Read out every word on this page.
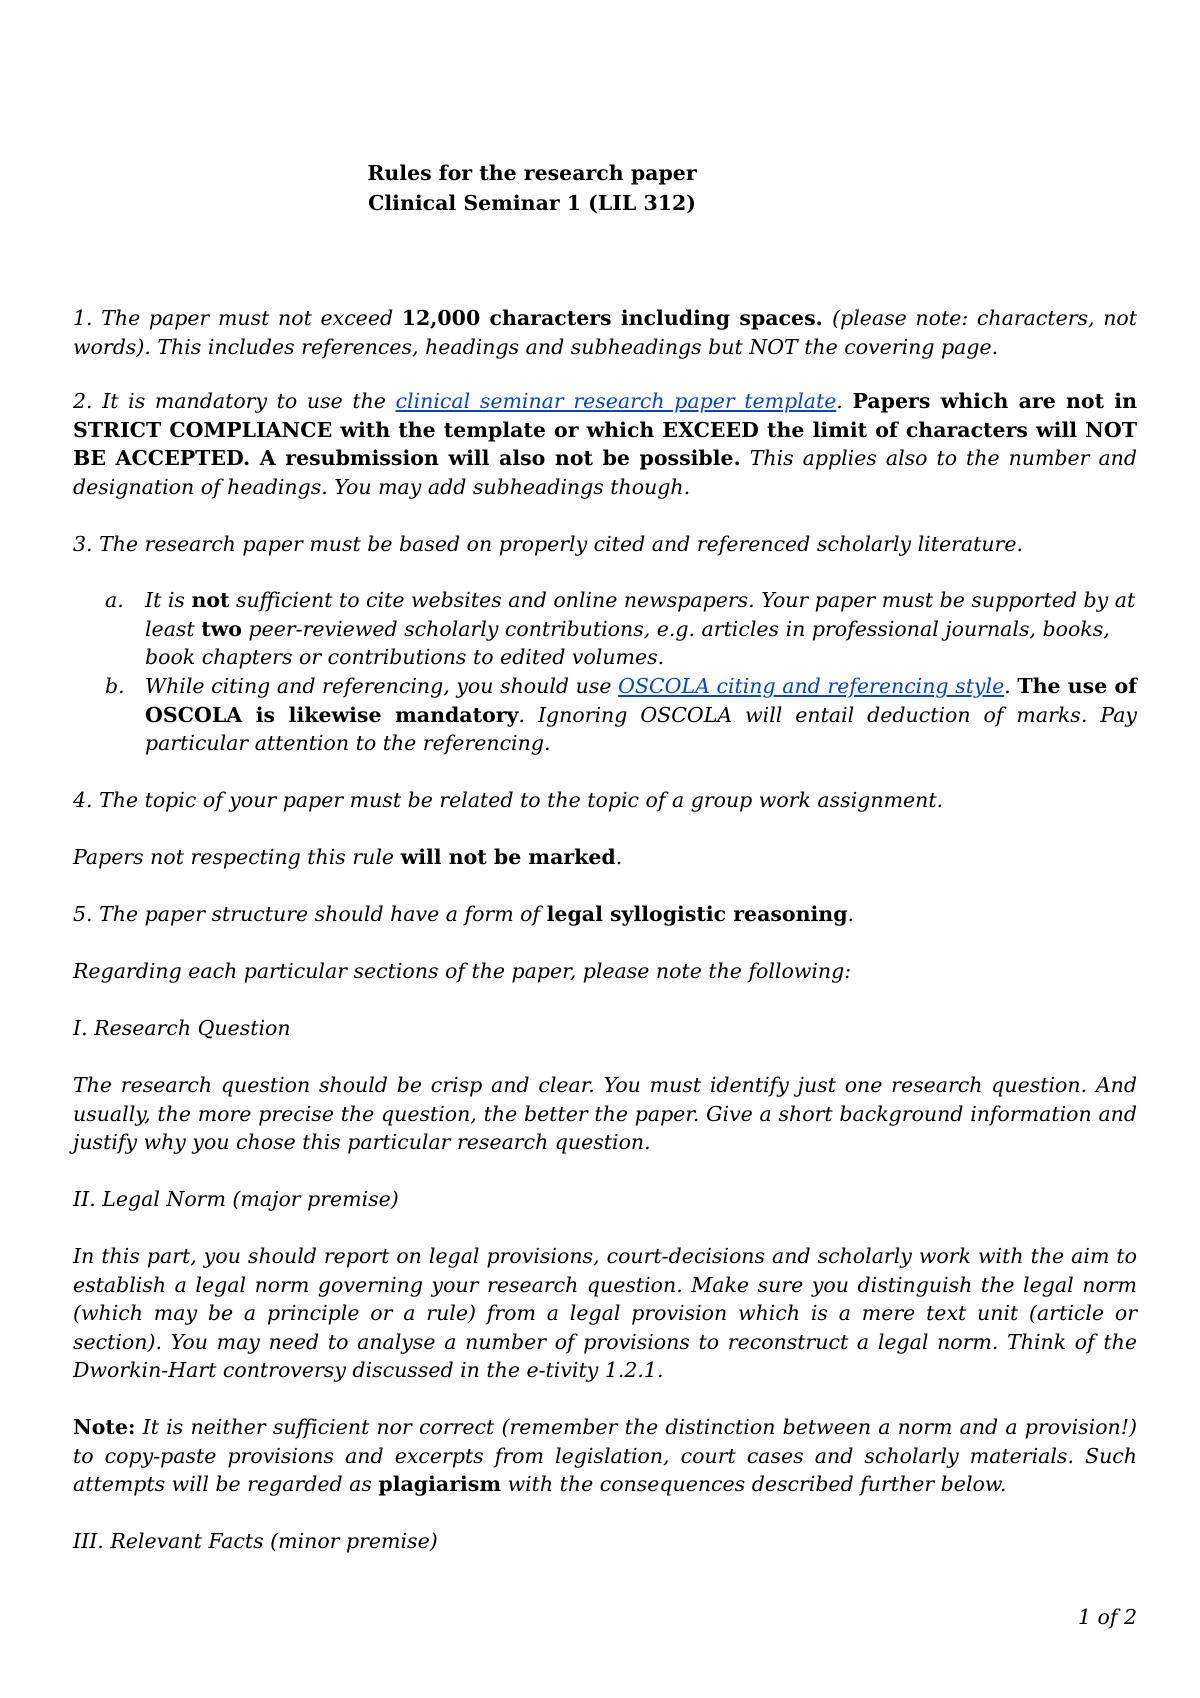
Rules for the research paper
Clinical Seminar 1 (LIL 312)

1. The paper must not exceed 12,000 characters including spaces. (please note: characters, not words). This includes references, headings and subheadings but NOT the covering page.

2. It is mandatory to use the clinical seminar research paper template. Papers which are not in STRICT COMPLIANCE with the template or which EXCEED the limit of characters will NOT BE ACCEPTED. A resubmission will also not be possible. This applies also to the number and designation of headings. You may add subheadings though.

3. The research paper must be based on properly cited and referenced scholarly literature.

a. It is not sufficient to cite websites and online newspapers. Your paper must be supported by at least two peer-reviewed scholarly contributions, e.g. articles in professional journals, books, book chapters or contributions to edited volumes.
b. While citing and referencing, you should use OSCOLA citing and referencing style. The use of OSCOLA is likewise mandatory. Ignoring OSCOLA will entail deduction of marks. Pay particular attention to the referencing.

4. The topic of your paper must be related to the topic of a group work assignment.

Papers not respecting this rule will not be marked.

5. The paper structure should have a form of legal syllogistic reasoning.

Regarding each particular sections of the paper, please note the following:

I. Research Question

The research question should be crisp and clear. You must identify just one research question. And usually, the more precise the question, the better the paper. Give a short background information and justify why you chose this particular research question.

II. Legal Norm (major premise)

In this part, you should report on legal provisions, court-decisions and scholarly work with the aim to establish a legal norm governing your research question. Make sure you distinguish the legal norm (which may be a principle or a rule) from a legal provision which is a mere text unit (article or section). You may need to analyse a number of provisions to reconstruct a legal norm. Think of the Dworkin-Hart controversy discussed in the e-tivity 1.2.1.

Note: It is neither sufficient nor correct (remember the distinction between a norm and a provision!) to copy-paste provisions and excerpts from legislation, court cases and scholarly materials. Such attempts will be regarded as plagiarism with the consequences described further below.

III. Relevant Facts (minor premise)

1 of 2
